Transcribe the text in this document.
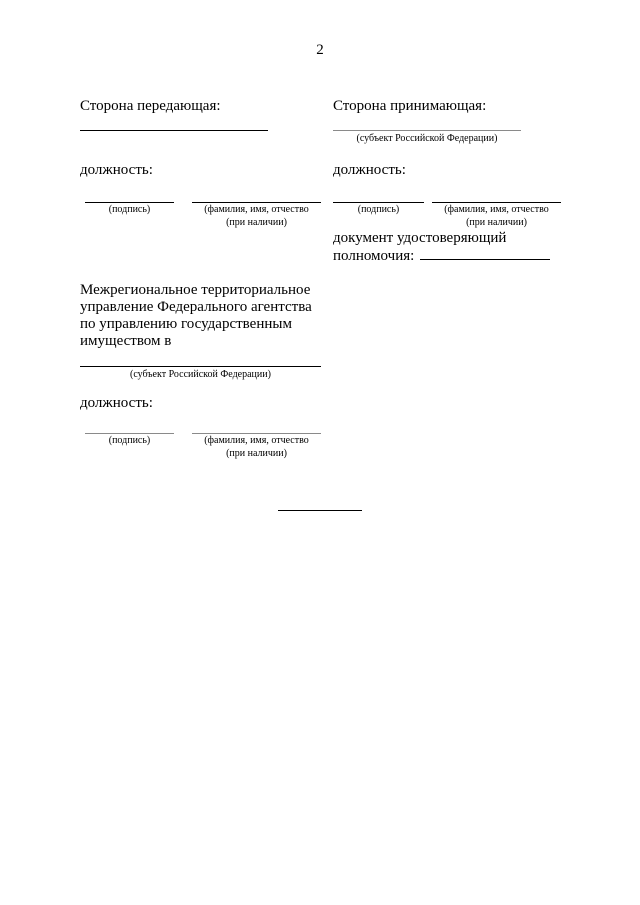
2
Сторона передающая:
должность:
(подпись)	(фамилия, имя, отчество
(при наличии)
Сторона принимающая:
(субъект Российской Федерации)
должность:
(подпись)	(фамилия, имя, отчество
(при наличии)
документ удостоверяющий
полномочия:
Межрегиональное территориальное
управление Федерального агентства
по управлению государственным
имуществом в
(субъект Российской Федерации)
должность:
(подпись)	(фамилия, имя, отчество
(при наличии)
